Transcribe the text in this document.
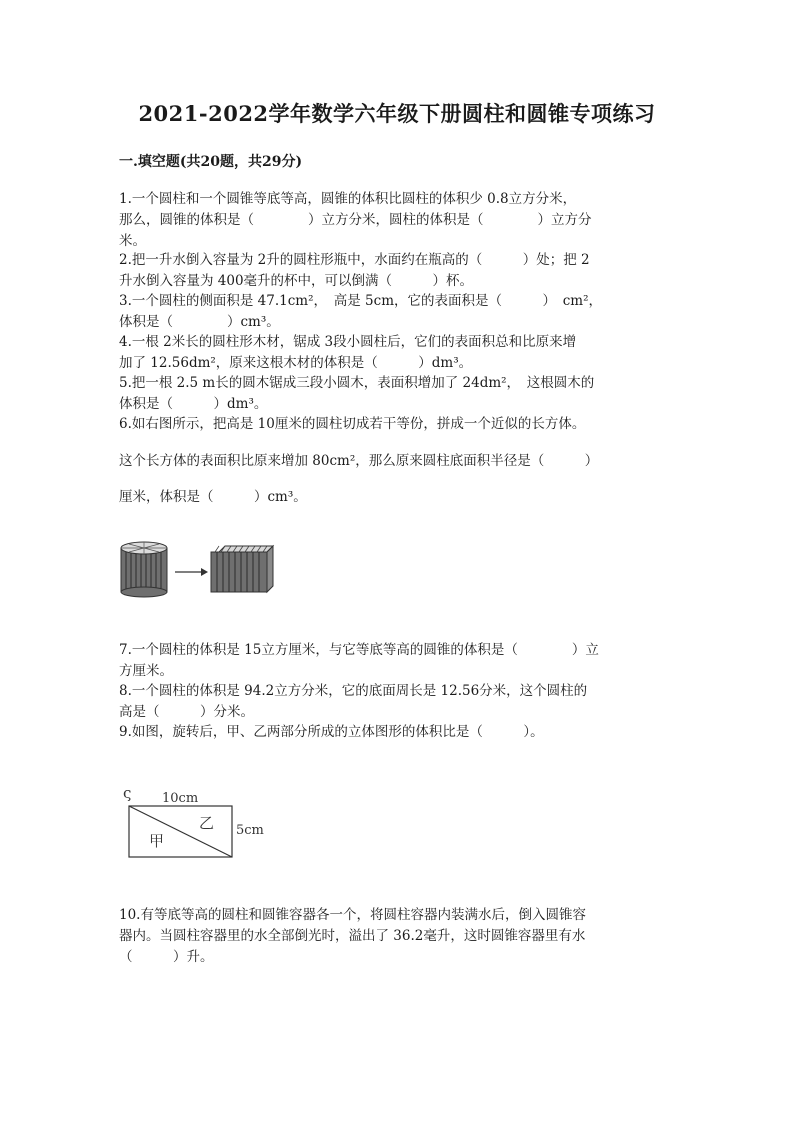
2021-2022学年数学六年级下册圆柱和圆锥专项练习
一.填空题(共20题，共29分)
1.一个圆柱和一个圆锥等底等高，圆锥的体积比圆柱的体积少 0.8立方分米，
那么，圆锥的体积是（　　　　）立方分米，圆柱的体积是（　　　　）立方分
米。
2.把一升水倒入容量为 2升的圆柱形瓶中，水面约在瓶高的（　　　）处；把 2
升水倒入容量为 400毫升的杯中，可以倒满（　　　）杯。
3.一个圆柱的侧面积是 47.1cm²，　高是 5cm，它的表面积是（　　　）　cm²，
体积是（　　　　）cm³。
4.一根 2米长的圆柱形木材，锯成 3段小圆柱后，它们的表面积总和比原来增
加了 12.56dm²，原来这根木材的体积是（　　　）dm³。
5.把一根 2.5 m长的圆木锯成三段小圆木，表面积增加了 24dm²，　这根圆木的
体积是（　　　）dm³。
6.如右图所示，把高是 10厘米的圆柱切成若干等份，拼成一个近似的长方体。
这个长方体的表面积比原来增加 80cm²，那么原来圆柱底面积半径是（　　　）
厘米，体积是（　　　）cm³。
7.一个圆柱的体积是 15立方厘米，与它等底等高的圆锥的体积是（　　　　）立
方厘米。
8.一个圆柱的体积是 94.2立方分米，它的底面周长是 12.56分米，这个圆柱的
高是（　　　）分米。
9.如图，旋转后，甲、乙两部分所成的立体图形的体积比是（　　　）。
ς 10cm
5cm
乙
甲
10.有等底等高的圆柱和圆锥容器各一个，将圆柱容器内装满水后，倒入圆锥容
器内。当圆柱容器里的水全部倒光时，溢出了 36.2毫升，这时圆锥容器里有水
（　　　）升。
